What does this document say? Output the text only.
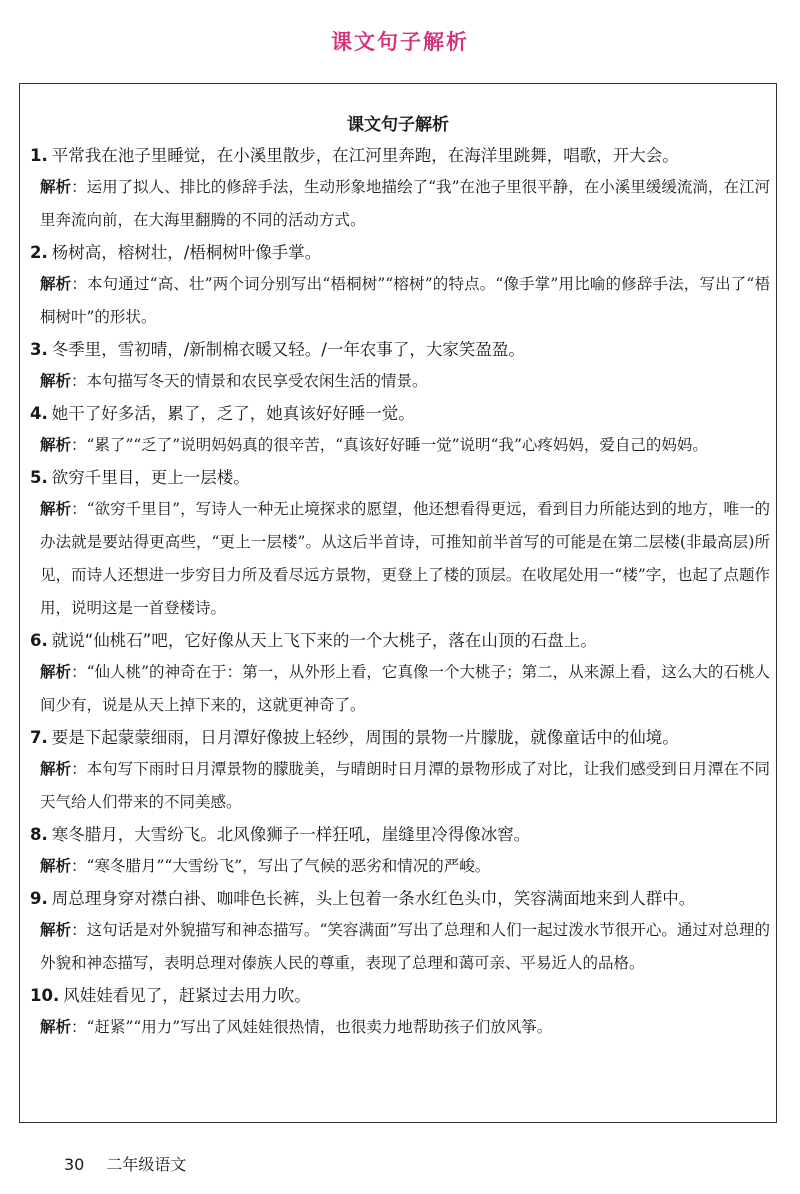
课文句子解析
课文句子解析

1. 平常我在池子里睡觉，在小溪里散步，在江河里奔跑，在海洋里跳舞，唱歌，开大会。

解析：运用了拟人、排比的修辞手法，生动形象地描绘了“我”在池子里很平静，在小溪里缓缓流淌，在江河里奔流向前，在大海里翻腾的不同的活动方式。

2. 杨树高，榕树壮，/梧桐树叶像手掌。

解析：本句通过“高、壮”两个词分别写出“梧桐树”“榕树”的特点。“像手掌”用比喻的修辞手法，写出了“梧桐树叶”的形状。

3. 冬季里，雪初晴，/新制棉衣暖又轻。/一年农事了，大家笑盈盈。

解析：本句描写冬天的情景和农民享受农闲生活的情景。

4. 她干了好多活，累了，乏了，她真该好好睡一觉。

解析：“累了”“乏了”说明妈妈真的很辛苦，“真该好好睡一觉”说明“我”心疼妈妈，爱自己的妈妈。

5. 欲穷千里目，更上一层楼。

解析：“欲穷千里目”，写诗人一种无止境探求的愿望，他还想看得更远，看到目力所能达到的地方，唯一的办法就是要站得更高些，“更上一层楼”。从这后半首诗，可推知前半首写的可能是在第二层楼(非最高层)所见，而诗人还想进一步穷目力所及看尽远方景物，更登上了楼的顶层。在收尾处用一“楼”字，也起了点题作用，说明这是一首登楼诗。

6. 就说“仙桃石”吧，它好像从天上飞下来的一个大桃子，落在山顶的石盘上。

解析：“仙人桃”的神奇在于：第一，从外形上看，它真像一个大桃子；第二，从来源上看，这么大的石桃人间少有，说是从天上掉下来的，这就更神奇了。

7. 要是下起蒙蒙细雨，日月潭好像披上轻纱，周围的景物一片朦胧，就像童话中的仙境。

解析：本句写下雨时日月潭景物的朦胧美，与晴朗时日月潭的景物形成了对比，让我们感受到日月潭在不同天气给人们带来的不同美感。

8. 寒冬腊月，大雪纷飞。北风像狮子一样狂吼，崖缝里冷得像冰窖。

解析：“寒冬腊月”“大雪纷飞”，写出了气候的恶劣和情况的严峻。

9. 周总理身穿对襟白褂、咖啡色长裤，头上包着一条水红色头巾，笑容满面地来到人群中。

解析：这句话是对外貌描写和神态描写。“笑容满面”写出了总理和人们一起过泼水节很开心。通过对总理的外貌和神态描写，表明总理对傣族人民的尊重，表现了总理和蔼可亲、平易近人的品格。

10. 风娃娃看见了，赶紧过去用力吹。

解析：“赶紧”“用力”写出了风娃娃很热情，也很卖力地帮助孩子们放风筝。

30 二年级语文
